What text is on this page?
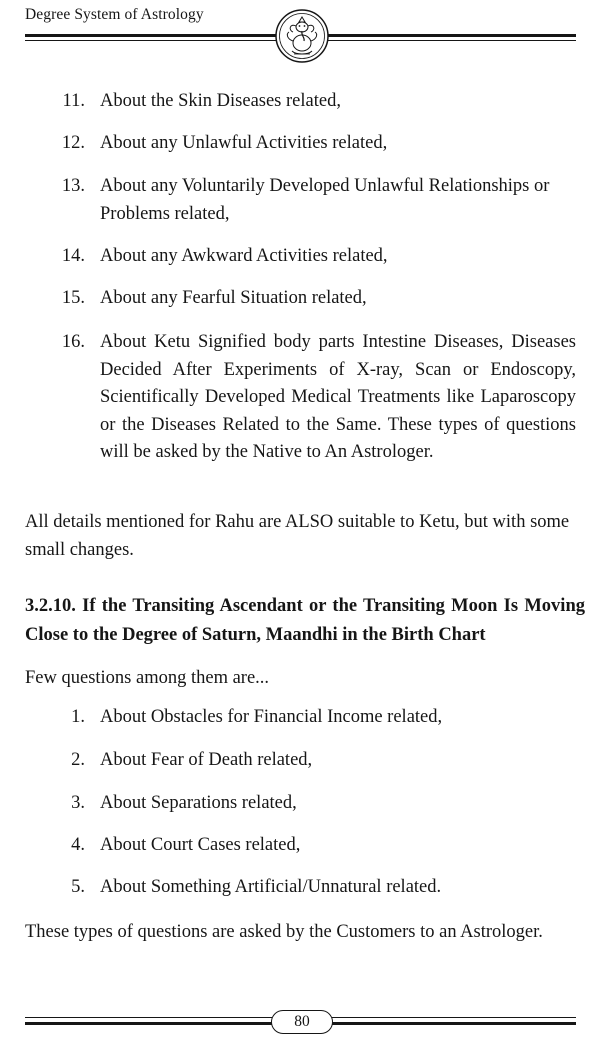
Degree System of Astrology
11. About the Skin Diseases related,
12. About any Unlawful Activities related,
13. About any Voluntarily Developed Unlawful Relationships or Problems related,
14. About any Awkward Activities related,
15. About any Fearful Situation related,
16. About Ketu Signified body parts Intestine Diseases, Diseases Decided After Experiments of X-ray, Scan or Endoscopy, Scientifically Developed Medical Treatments like Laparoscopy or the Diseases Related to the Same. These types of questions will be asked by the Native to An Astrologer.
All details mentioned for Rahu are ALSO suitable to Ketu, but with some small changes.
3.2.10. If the Transiting Ascendant or the Transiting Moon Is Moving Close to the Degree of Saturn, Maandhi in the Birth Chart
Few questions among them are...
1. About Obstacles for Financial Income related,
2. About Fear of Death related,
3. About Separations related,
4. About Court Cases related,
5. About Something Artificial/Unnatural related.
These types of questions are asked by the Customers to an Astrologer.
80
